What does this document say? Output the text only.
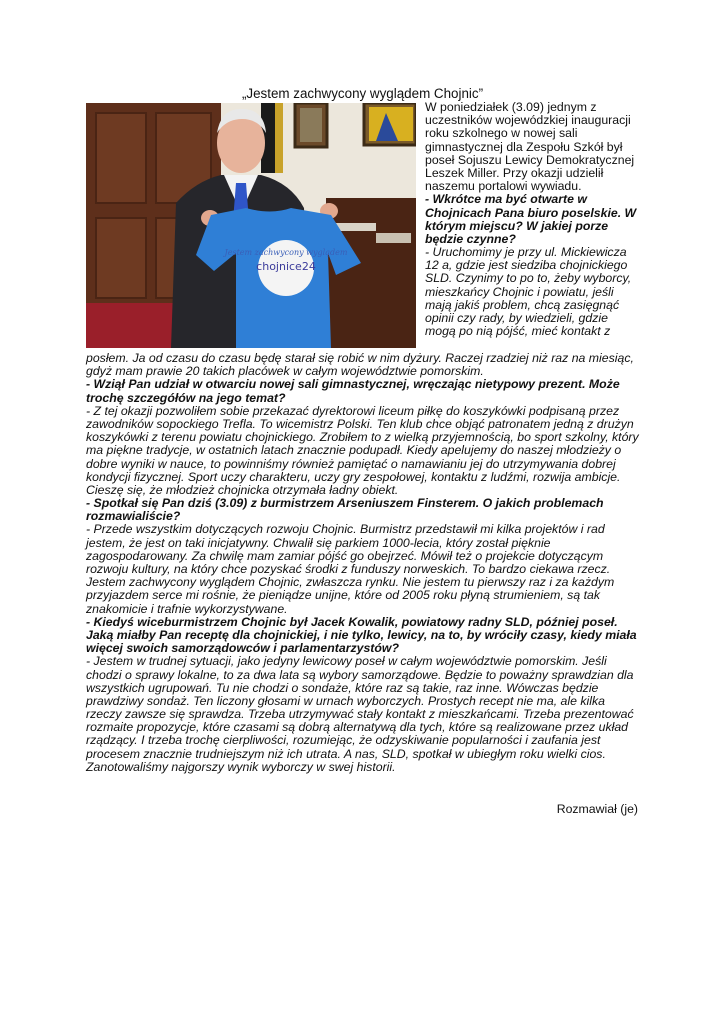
„Jestem zachwycony wyglądem Chojnic”
Jestem zachwycony wyglądem
chojnice24
W poniedziałek (3.09) jednym z
uczestników wojewódzkiej inauguracji
roku szkolnego w nowej sali
gimnastycznej dla Zespołu Szkół był
poseł Sojuszu Lewicy Demokratycznej
Leszek Miller. Przy okazji udzielił
naszemu portalowi wywiadu.
- Wkrótce ma być otwarte w
Chojnicach Pana biuro poselskie. W
którym miejscu? W jakiej porze
będzie czynne?
- Uruchomimy je przy ul. Mickiewicza
12 a, gdzie jest siedziba chojnickiego
SLD. Czynimy to po to, żeby wyborcy,
mieszkańcy Chojnic i powiatu, jeśli
mają jakiś problem, chcą zasięgnąć
opinii czy rady, by wiedzieli, gdzie
mogą po nią pójść, mieć kontakt z
posłem. Ja od czasu do czasu będę starał się robić w nim dyżury. Raczej rzadziej niż raz na miesiąc,
gdyż mam prawie 20 takich placówek w całym województwie pomorskim.
- Wziął Pan udział w otwarciu nowej sali gimnastycznej, wręczając nietypowy prezent. Może
trochę szczegółów na jego temat?
- Z tej okazji pozwoliłem sobie przekazać dyrektorowi liceum piłkę do koszykówki podpisaną przez
zawodników sopockiego Trefla. To wicemistrz Polski. Ten klub chce objąć patronatem jedną z drużyn
koszykówki z terenu powiatu chojnickiego. Zrobiłem to z wielką przyjemnością, bo sport szkolny, który
ma piękne tradycje, w ostatnich latach znacznie podupadł. Kiedy apelujemy do naszej młodzieży o
dobre wyniki w nauce, to powinniśmy również pamiętać o namawianiu jej do utrzymywania dobrej
kondycji fizycznej. Sport uczy charakteru, uczy gry zespołowej, kontaktu z ludźmi, rozwija ambicje.
Cieszę się, że młodzież chojnicka otrzymała ładny obiekt.
- Spotkał się Pan dziś (3.09) z burmistrzem Arseniuszem Finsterem. O jakich problemach
rozmawialiście?
- Przede wszystkim dotyczących rozwoju Chojnic. Burmistrz przedstawił mi kilka projektów i rad
jestem, że jest on taki inicjatywny. Chwalił się parkiem 1000-lecia, który został pięknie
zagospodarowany. Za chwilę mam zamiar pójść go obejrzeć. Mówił też o projekcie dotyczącym
rozwoju kultury, na który chce pozyskać środki z funduszy norweskich. To bardzo ciekawa rzecz.
Jestem zachwycony wyglądem Chojnic, zwłaszcza rynku. Nie jestem tu pierwszy raz i za każdym
przyjazdem serce mi rośnie, że pieniądze unijne, które od 2005 roku płyną strumieniem, są tak
znakomicie i trafnie wykorzystywane.
- Kiedyś wiceburmistrzem Chojnic był Jacek Kowalik, powiatowy radny SLD, później poseł.
Jaką miałby Pan receptę dla chojnickiej, i nie tylko, lewicy, na to, by wróciły czasy, kiedy miała
więcej swoich samorządowców i parlamentarzystów?
- Jestem w trudnej sytuacji, jako jedyny lewicowy poseł w całym województwie pomorskim. Jeśli
chodzi o sprawy lokalne, to za dwa lata są wybory samorządowe. Będzie to poważny sprawdzian dla
wszystkich ugrupowań. Tu nie chodzi o sondaże, które raz są takie, raz inne. Wówczas będzie
prawdziwy sondaż. Ten liczony głosami w urnach wyborczych. Prostych recept nie ma, ale kilka
rzeczy zawsze się sprawdza. Trzeba utrzymywać stały kontakt z mieszkańcami. Trzeba prezentować
rozmaite propozycje, które czasami są dobrą alternatywą dla tych, które są realizowane przez układ
rządzący. I trzeba trochę cierpliwości, rozumiejąc, że odzyskiwanie popularności i zaufania jest
procesem znacznie trudniejszym niż ich utrata. A nas, SLD, spotkał w ubiegłym roku wielki cios.
Zanotowaliśmy najgorszy wynik wyborczy w swej historii.
Rozmawiał (je)
